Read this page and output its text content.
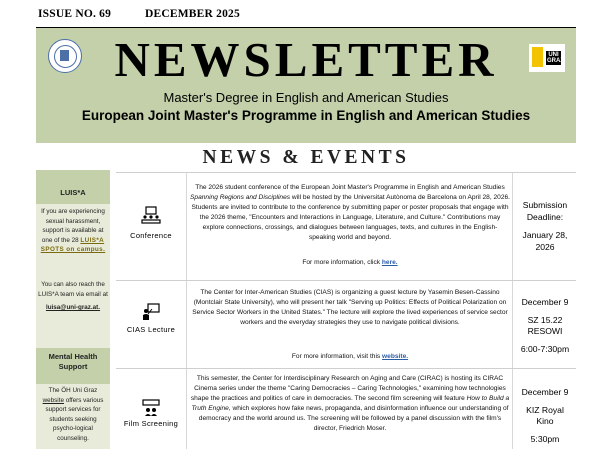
ISSUE NO. 69	DECEMBER 2025
NEWSLETTER	UNI GRAZ
Master's Degree in English and American Studies
European Joint Master's Programme in English and American Studies
NEWS & EVENTS
LUIS*A
If you are experiencing sexual harassment, support is available at one of the 28 LUIS*A SPOTS on campus.
You can also reach the LUIS*A team via email at
luisa@uni-graz.at.
Mental Health Support
The ÖH Uni Graz website offers various support services for students seeking psycho-logical counseling.
Conference
The 2026 student conference of the European Joint Master's Programme in English and American Studies Spanning Regions and Disciplines will be hosted by the Universitat Autònoma de Barcelona on April 28, 2026. Students are invited to contribute to the conference by submitting paper or poster proposals that engage with the 2026 theme, "Encounters and Interactions in Language, Literature, and Culture." Contributions may explore connections, crossings, and dialogues between languages, texts, and cultures in the English-speaking world and beyond.
For more information, click here.
Submission
Deadline:
January 28,
2026
CIAS Lecture
The Center for Inter-American Studies (CIAS) is organizing a guest lecture by Yasemin Besen-Cassino (Montclair State University), who will present her talk "Serving up Politics: Effects of Political Polarization on Service Sector Workers in the United States." The lecture will explore the lived experiences of service sector workers and the everyday strategies they use to navigate political divisions.
For more information, visit this website.
December 9
SZ 15.22
RESOWI
6:00-7:30pm
Film Screening
This semester, the Center for Interdisciplinary Research on Aging and Care (CIRAC) is hosting its CIRAC Cinema series under the theme "Caring Democracies – Caring Technologies," examining how technologies shape the practices and politics of care in democracies. The second film screening will feature How to Build a Truth Engine, which explores how fake news, propaganda, and disinformation influence our understanding of democracy and the world around us. The screening will be followed by a panel discussion with the film's director, Friedrich Moser.
December 9
KIZ Royal
Kino
5:30pm
